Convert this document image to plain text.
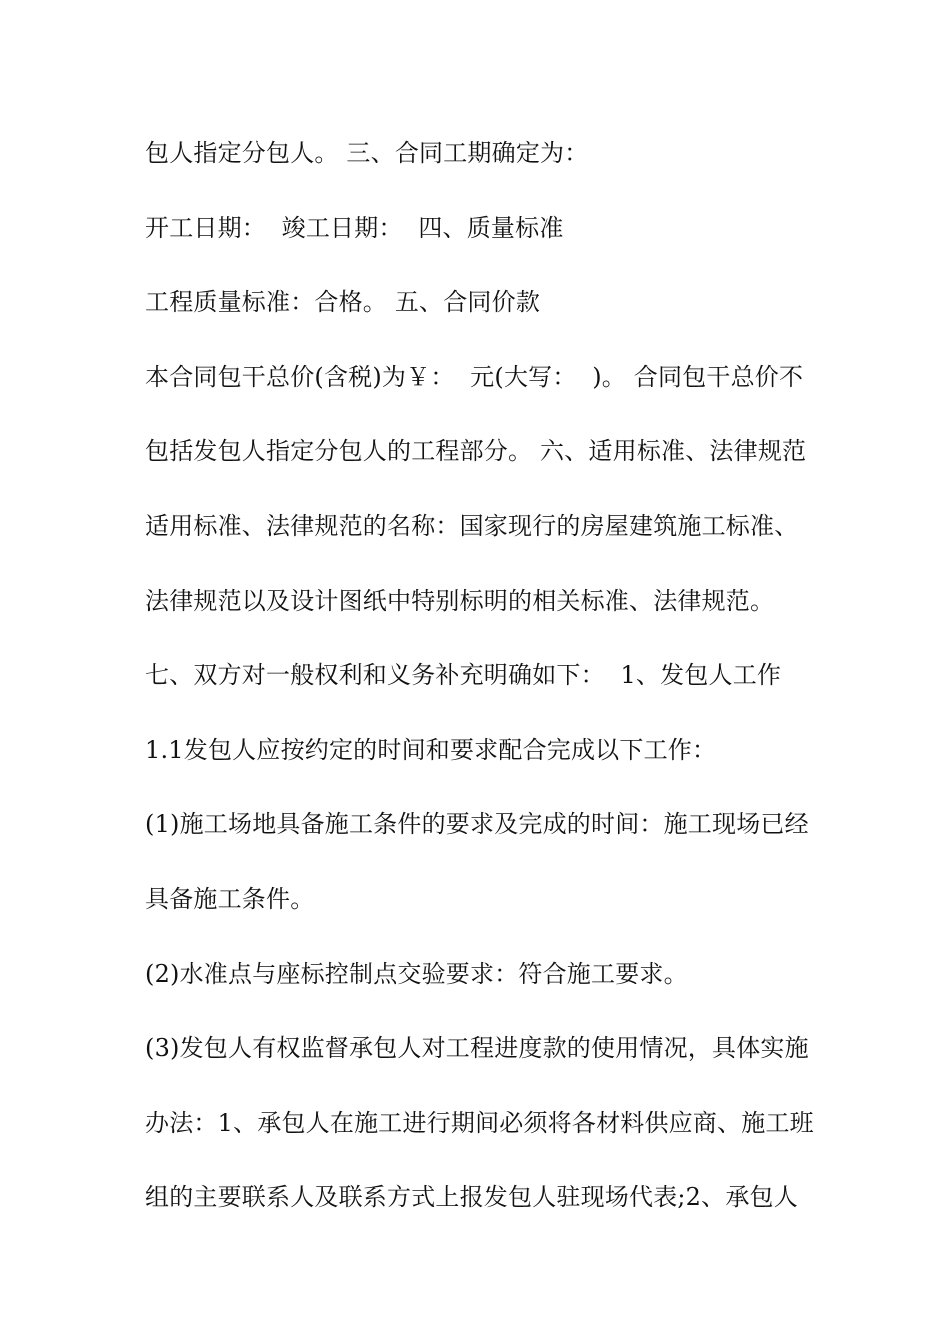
包人指定分包人。 三、合同工期确定为：
开工日期：  竣工日期：  四、质量标准
工程质量标准：合格。 五、合同价款
本合同包干总价(含税)为￥：  元(大写：  )。 合同包干总价不
包括发包人指定分包人的工程部分。 六、适用标准、法律规范
适用标准、法律规范的名称：国家现行的房屋建筑施工标准、
法律规范以及设计图纸中特别标明的相关标准、法律规范。
七、双方对一般权利和义务补充明确如下：  1、发包人工作
1.1发包人应按约定的时间和要求配合完成以下工作：
(1)施工场地具备施工条件的要求及完成的时间：施工现场已经
具备施工条件。
(2)水准点与座标控制点交验要求：符合施工要求。
(3)发包人有权监督承包人对工程进度款的使用情况，具体实施
办法：1、承包人在施工进行期间必须将各材料供应商、施工班
组的主要联系人及联系方式上报发包人驻现场代表;2、承包人
